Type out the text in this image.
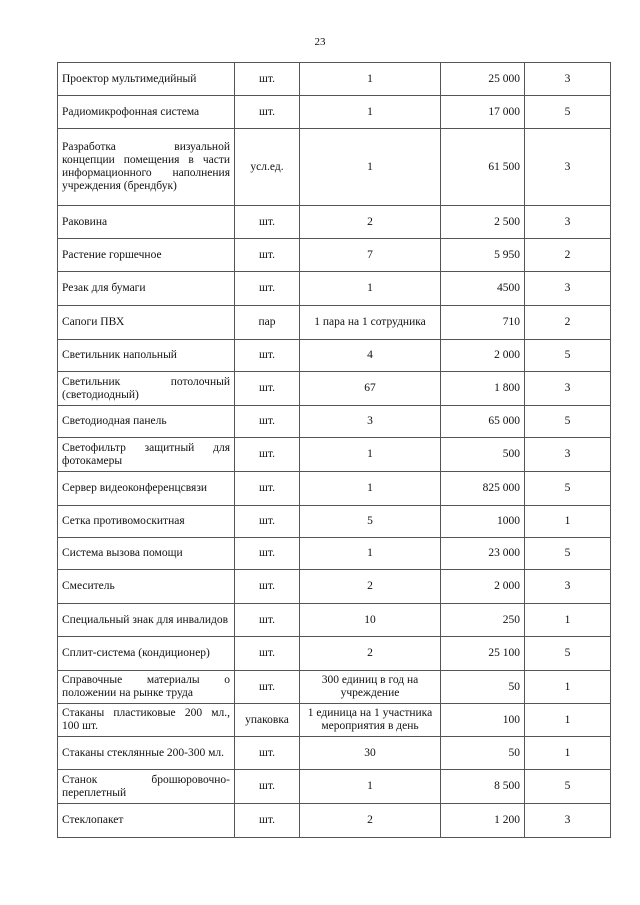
23
Проектор мультимедийный	шт.	1	25 000	3
Радиомикрофонная система	шт.	1	17 000	5
Разработка визуальной концепции помещения в части информационного наполнения учреждения (брендбук)	усл.ед.	1	61 500	3
Раковина	шт.	2	2 500	3
Растение горшечное	шт.	7	5 950	2
Резак для бумаги	шт.	1	4500	3
Сапоги ПВХ	пар	1 пара на 1 сотрудника	710	2
Светильник напольный	шт.	4	2 000	5
Светильник потолочный (светодиодный)	шт.	67	1 800	3
Светодиодная панель	шт.	3	65 000	5
Светофильтр защитный для фотокамеры	шт.	1	500	3
Сервер видеоконференцсвязи	шт.	1	825 000	5
Сетка противомоскитная	шт.	5	1000	1
Система вызова помощи	шт.	1	23 000	5
Смеситель	шт.	2	2 000	3
Специальный знак для инвалидов	шт.	10	250	1
Сплит-система (кондиционер)	шт.	2	25 100	5
Справочные материалы о положении на рынке труда	шт.	300 единиц в год на учреждение	50	1
Стаканы пластиковые 200 мл., 100 шт.	упаковка	1 единица на 1 участника мероприятия в день	100	1
Стаканы стеклянные 200-300 мл.	шт.	30	50	1
Станок брошюровочно-переплетный	шт.	1	8 500	5
Стеклопакет	шт.	2	1 200	3
